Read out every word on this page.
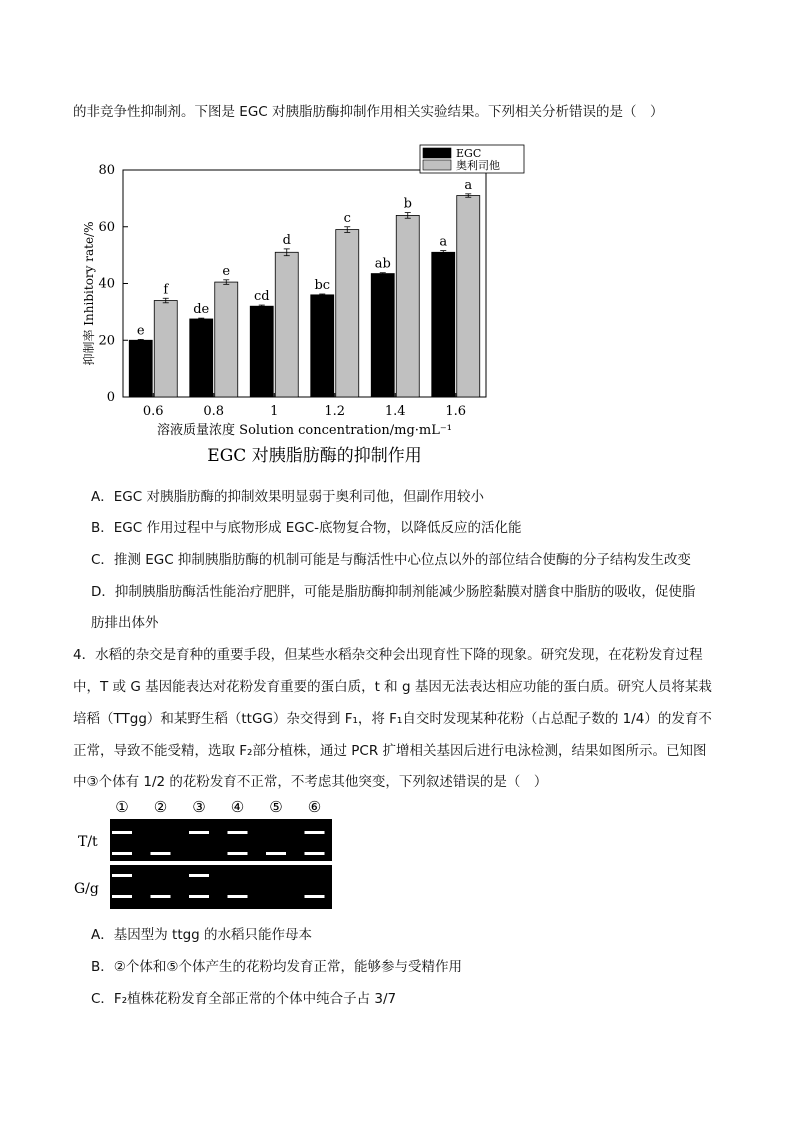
的非竞争性抑制剂。下图是 EGC 对胰脂肪酶抑制作用相关实验结果。下列相关分析错误的是（　）
0
20
40
60
80
抑制率 Inhibitory rate/%
0.6	0.8	1	1.2	1.4	1.6
溶液质量浓度 Solution concentration/mg·mL⁻¹
EGC 对胰脂肪酶的抑制作用
e
f
de
e
cd
d
bc
c
ab
b
a
a
EGC
奥利司他
A．EGC 对胰脂肪酶的抑制效果明显弱于奥利司他，但副作用较小
B．EGC 作用过程中与底物形成 EGC-底物复合物，以降低反应的活化能
C．推测 EGC 抑制胰脂肪酶的机制可能是与酶活性中心位点以外的部位结合使酶的分子结构发生改变
D．抑制胰脂肪酶活性能治疗肥胖，可能是脂肪酶抑制剂能减少肠腔黏膜对膳食中脂肪的吸收，促使脂
肪排出体外
4．水稻的杂交是育种的重要手段，但某些水稻杂交种会出现育性下降的现象。研究发现，在花粉发育过程
中，T 或 G 基因能表达对花粉发育重要的蛋白质，t 和 g 基因无法表达相应功能的蛋白质。研究人员将某栽
培稻（TTgg）和某野生稻（ttGG）杂交得到 F₁，将 F₁自交时发现某种花粉（占总配子数的 1/4）的发育不
正常，导致不能受精，选取 F₂部分植株，通过 PCR 扩增相关基因后进行电泳检测，结果如图所示。已知图
中③个体有 1/2 的花粉发育不正常，不考虑其他突变，下列叙述错误的是（　）
① ② ③ ④ ⑤ ⑥
T/t
G/g
A．基因型为 ttgg 的水稻只能作母本
B．②个体和⑤个体产生的花粉均发育正常，能够参与受精作用
C．F₂植株花粉发育全部正常的个体中纯合子占 3/7
